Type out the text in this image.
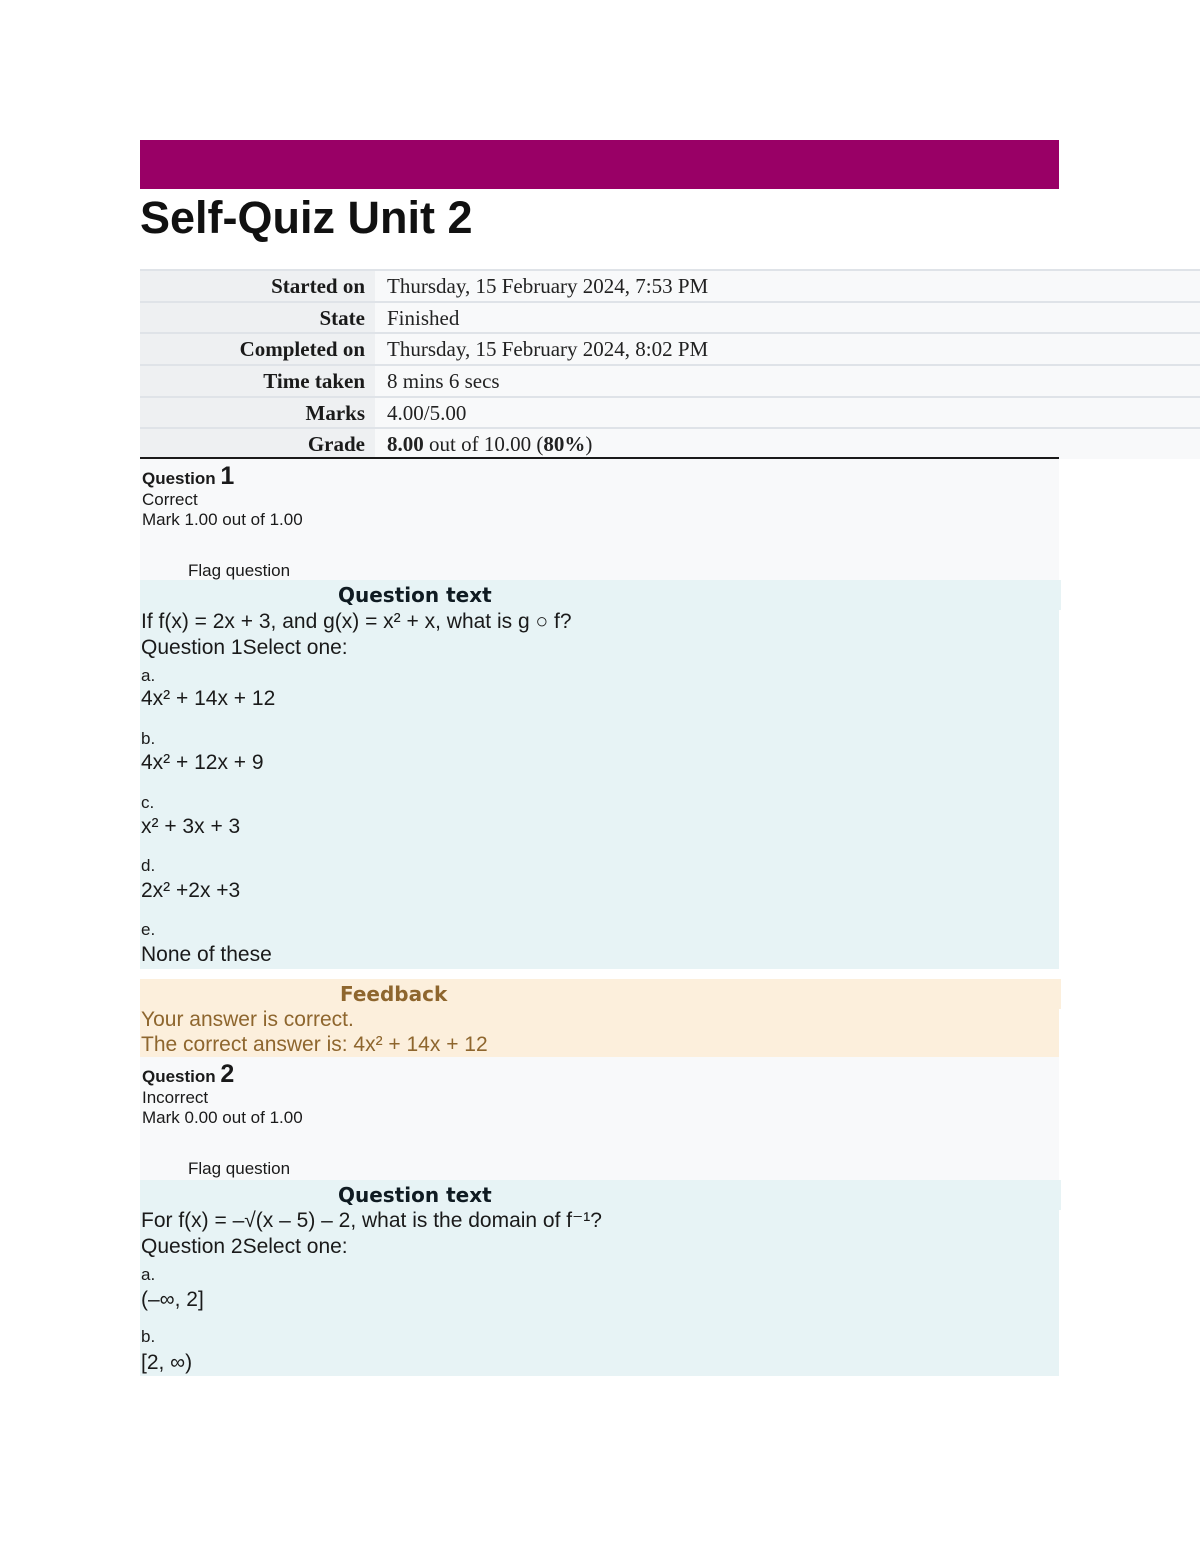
Self-Quiz Unit 2
Started on	Thursday, 15 February 2024, 7:53 PM
State	Finished
Completed on	Thursday, 15 February 2024, 8:02 PM
Time taken	8 mins 6 secs
Marks	4.00/5.00
Grade	8.00 out of 10.00 (80%)
Question 1
Correct
Mark 1.00 out of 1.00
Flag question
Question text
If f(x) = 2x + 3, and g(x) = x² + x, what is g ○ f?
Question 1Select one:
a.
4x² + 14x + 12
b.
4x² + 12x + 9
c.
x² + 3x + 3
d.
2x² +2x +3
e.
None of these
Feedback
Your answer is correct.
The correct answer is: 4x² + 14x + 12
Question 2
Incorrect
Mark 0.00 out of 1.00
Flag question
Question text
For f(x) = –√(x – 5) – 2, what is the domain of f⁻¹?
Question 2Select one:
a.
(–∞, 2]
b.
[2, ∞)
